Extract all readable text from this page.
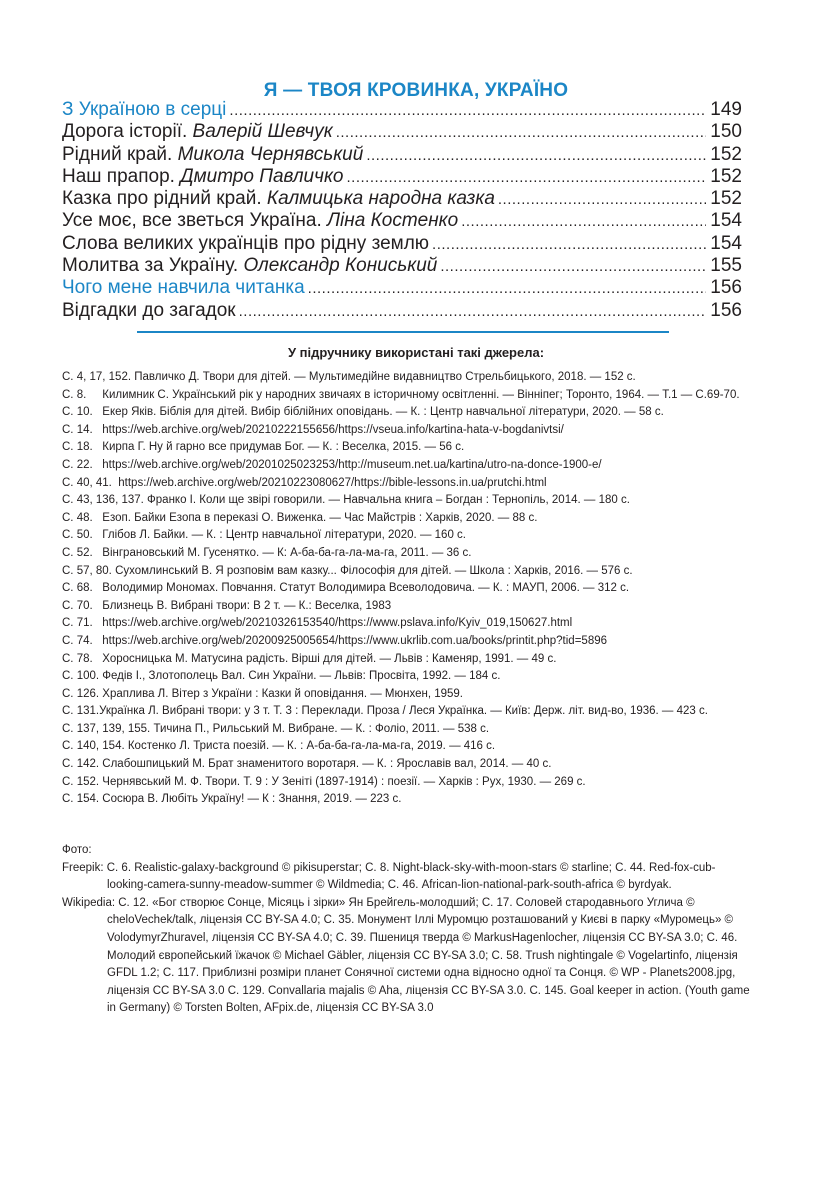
Я — ТВОЯ КРОВИНКА, УКРАЇНО
З Україною в серці .....	149
Дорога історії. Валерій Шевчук .....	150
Рідний край. Микола Чернявський .....	152
Наш прапор. Дмитро Павличко .....	152
Казка про рідний край. Калмицька народна казка .....	152
Усе моє, все зветься Україна. Ліна Костенко .....	154
Слова великих українців про рідну землю .....	154
Молитва за Україну. Олександр Кониський .....	155
Чого мене навчила читанка .....	156
Відгадки до загадок .....	156
У підручнику використані такі джерела:
С. 4, 17, 152. Павличко Д. Твори для дітей. — Мультимедійне видавництво Стрельбицького, 2018. — 152 с.
С. 8. Килимник С. Український рік у народних звичаях в історичному освітленні. — Вінніпег; Торонто, 1964. — Т.1 — С.69-70.
С. 10. Екер Яків. Біблія для дітей. Вибір біблійних оповідань. — К. : Центр навчальної літератури, 2020. — 58 с.
С. 14. https://web.archive.org/web/20210222155656/https://vseua.info/kartina-hata-v-bogdanivtsi/
С. 18. Кирпа Г. Ну й гарно все придумав Бог. — К. : Веселка, 2015. — 56 с.
С. 22. https://web.archive.org/web/20201025023253/http://museum.net.ua/kartina/utro-na-donce-1900-e/
С. 40, 41. https://web.archive.org/web/20210223080627/https://bible-lessons.in.ua/prutchi.html
С. 43, 136, 137. Франко І. Коли ще звірі говорили. — Навчальна книга – Богдан : Тернопіль, 2014. — 180 с.
С. 48. Езоп. Байки Езопа в переказі О. Виженка. — Час Майстрів : Харків, 2020. — 88 с.
С. 50. Глібов Л. Байки. — К. : Центр навчальної літератури, 2020. — 160 с.
С. 52. Вінграновський М. Гусенятко. — К: А-ба-ба-га-ла-ма-га, 2011. — 36 с.
С. 57, 80. Сухомлинський В. Я розповім вам казку... Філософія для дітей. — Школа : Харків, 2016. — 576 с.
С. 68. Володимир Мономах. Повчання. Статут Володимира Всеволодовича. — К. : МАУП, 2006. — 312 с.
С. 70. Близнець В. Вибрані твори: В 2 т. — К.: Веселка, 1983
С. 71. https://web.archive.org/web/20210326153540/https://www.pslava.info/Kyiv_019,150627.html
С. 74. https://web.archive.org/web/20200925005654/https://www.ukrlib.com.ua/books/printit.php?tid=5896
С. 78. Хоросницька М. Матусина радість. Вірші для дітей. — Львів : Каменяр, 1991. — 49 с.
С. 100. Федів І., Злотополець Вал. Син України. — Львів: Просвіта, 1992. — 184 с.
С. 126. Храплива Л. Вітер з України : Казки й оповідання. — Мюнхен, 1959.
С. 131. Українка Л. Вибрані твори: у 3 т. Т. 3 : Переклади. Проза / Леся Українка. — Київ: Держ. літ. вид-во, 1936. — 423 с.
С. 137, 139, 155. Тичина П., Рильський М. Вибране. — К. : Фоліо, 2011. — 538 с.
С. 140, 154. Костенко Л. Триста поезій. — К. : А-ба-ба-га-ла-ма-га, 2019. — 416 с.
С. 142. Слабошпицький М. Брат знаменитого воротаря. — К. : Ярославів вал, 2014. — 40 с.
С. 152. Чернявський М. Ф. Твори. Т. 9 : У Зеніті (1897-1914) : поезії. — Харків : Рух, 1930. — 269 с.
С. 154. Сосюра В. Любіть Україну! — К : Знання, 2019. — 223 с.
Фото:
Freepik: С. 6. Realistic-galaxy-background © pikisuperstar; С. 8. Night-black-sky-with-moon-stars © starline; С. 44. Red-fox-cub-looking-camera-sunny-meadow-summer © Wildmedia; С. 46. African-lion-national-park-south-africa © byrdyak.
Wikipedia: С. 12. «Бог створює Сонце, Місяць і зірки» Ян Брейгель-молодший; С. 17. Соловей стародавнього Углича © cheloVechek/talk, ліцензія CC BY-SA 4.0; С. 35. Монумент Іллі Муромцю розташований у Києві в парку «Муромець» © VolodymyrZhuravel, ліцензія CC BY-SA 4.0; С. 39. Пшениця тверда © MarkusHagenlocher, ліцензія CC BY-SA 3.0; С. 46. Молодий європейський їжачок © Michael Gäbler, ліцензія CC BY-SA 3.0; С. 58. Trush nightingale © Vogelartinfo, ліцензія GFDL 1.2; С. 117. Приблизні розміри планет Сонячної системи одна відносно одної та Сонця. © WP - Planets2008.jpg, ліцензія CC BY-SA 3.0 С. 129. Convallaria majalis © Aha, ліцензія CC BY-SA 3.0. С. 145. Goal keeper in action. (Youth game in Germany) © Torsten Bolten, AFpix.de, ліцензія CC BY-SA 3.0
